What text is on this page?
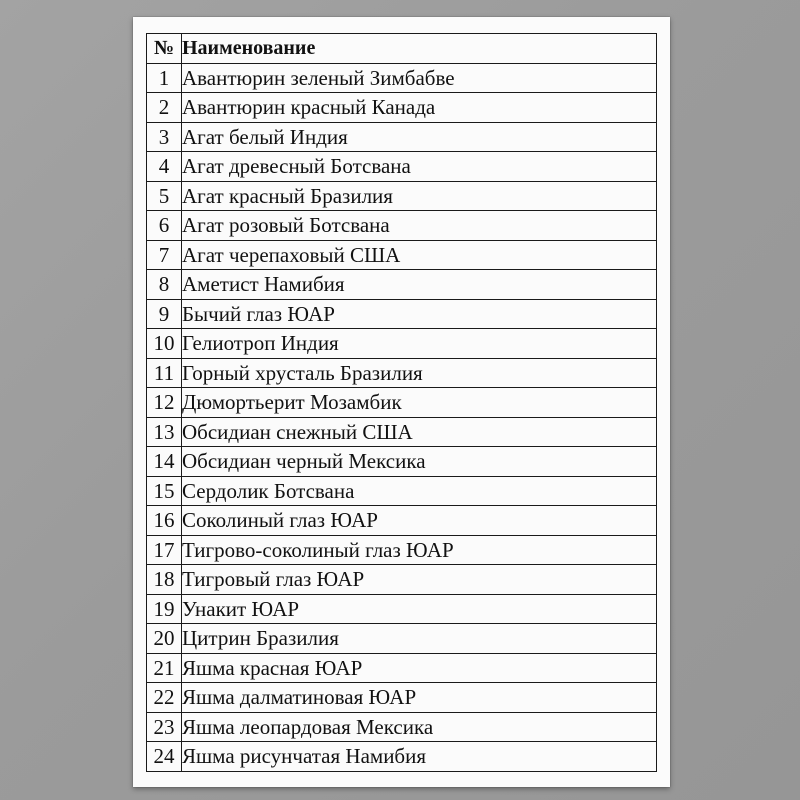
№	Наименование
1	Авантюрин зеленый Зимбабве
2	Авантюрин красный Канада
3	Агат белый Индия
4	Агат древесный Ботсвана
5	Агат красный Бразилия
6	Агат розовый Ботсвана
7	Агат черепаховый США
8	Аметист Намибия
9	Бычий глаз ЮАР
10	Гелиотроп Индия
11	Горный хрусталь Бразилия
12	Дюмортьерит Мозамбик
13	Обсидиан снежный США
14	Обсидиан черный Мексика
15	Сердолик Ботсвана
16	Соколиный глаз ЮАР
17	Тигрово-соколиный глаз ЮАР
18	Тигровый глаз ЮАР
19	Унакит ЮАР
20	Цитрин Бразилия
21	Яшма красная ЮАР
22	Яшма далматиновая ЮАР
23	Яшма леопардовая Мексика
24	Яшма рисунчатая Намибия
